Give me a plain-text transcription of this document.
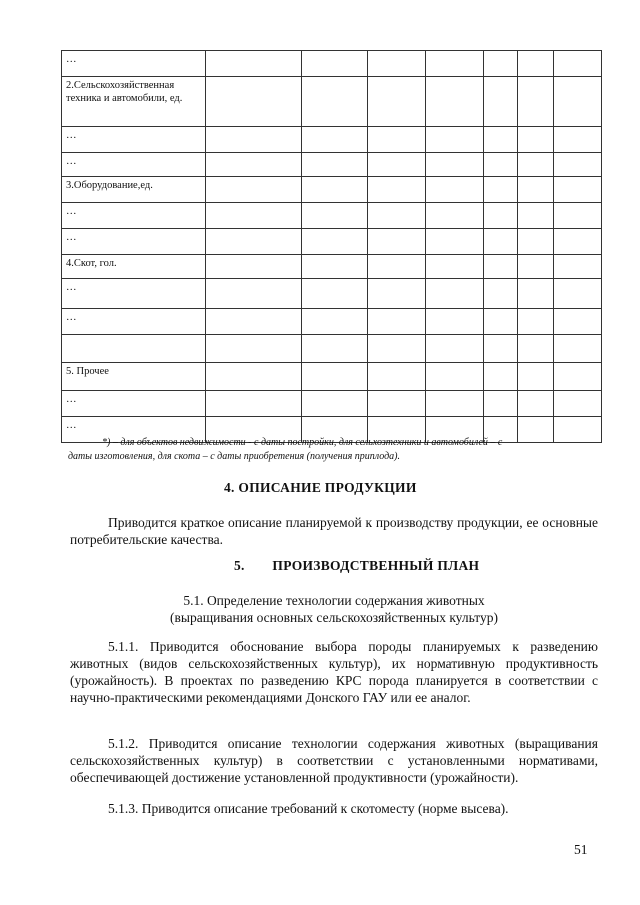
…							
2.Сельскохозяйственная техника и автомобили, ед.							
…							
…							
3.Оборудование,ед.							
…							
…							
4.Скот, гол.							
…							
…							

5. Прочее							
…							
…							
*) – для объектов недвижимости - с даты постройки, для сельхозтехники и автомобилей – с
даты изготовления, для скота – с даты приобретения (получения приплода).
4. ОПИСАНИЕ ПРОДУКЦИИ
Приводится краткое описание планируемой к производству продукции, ее основные потребительские качества.
5. ПРОИЗВОДСТВЕННЫЙ ПЛАН
5.1. Определение технологии содержания животных
(выращивания основных сельскохозяйственных культур)
5.1.1. Приводится обоснование выбора породы планируемых к разведению животных (видов сельскохозяйственных культур), их нормативную продуктивность (урожайность). В проектах по разведению КРС порода планируется в соответствии с научно-практическими рекомендациями Донского ГАУ или ее аналог.
5.1.2. Приводится описание технологии содержания животных (выращивания сельскохозяйственных культур) в соответствии с установленными нормативами, обеспечивающей достижение установленной продуктивности (урожайности).
5.1.3. Приводится описание требований к скотоместу (норме высева).
51
